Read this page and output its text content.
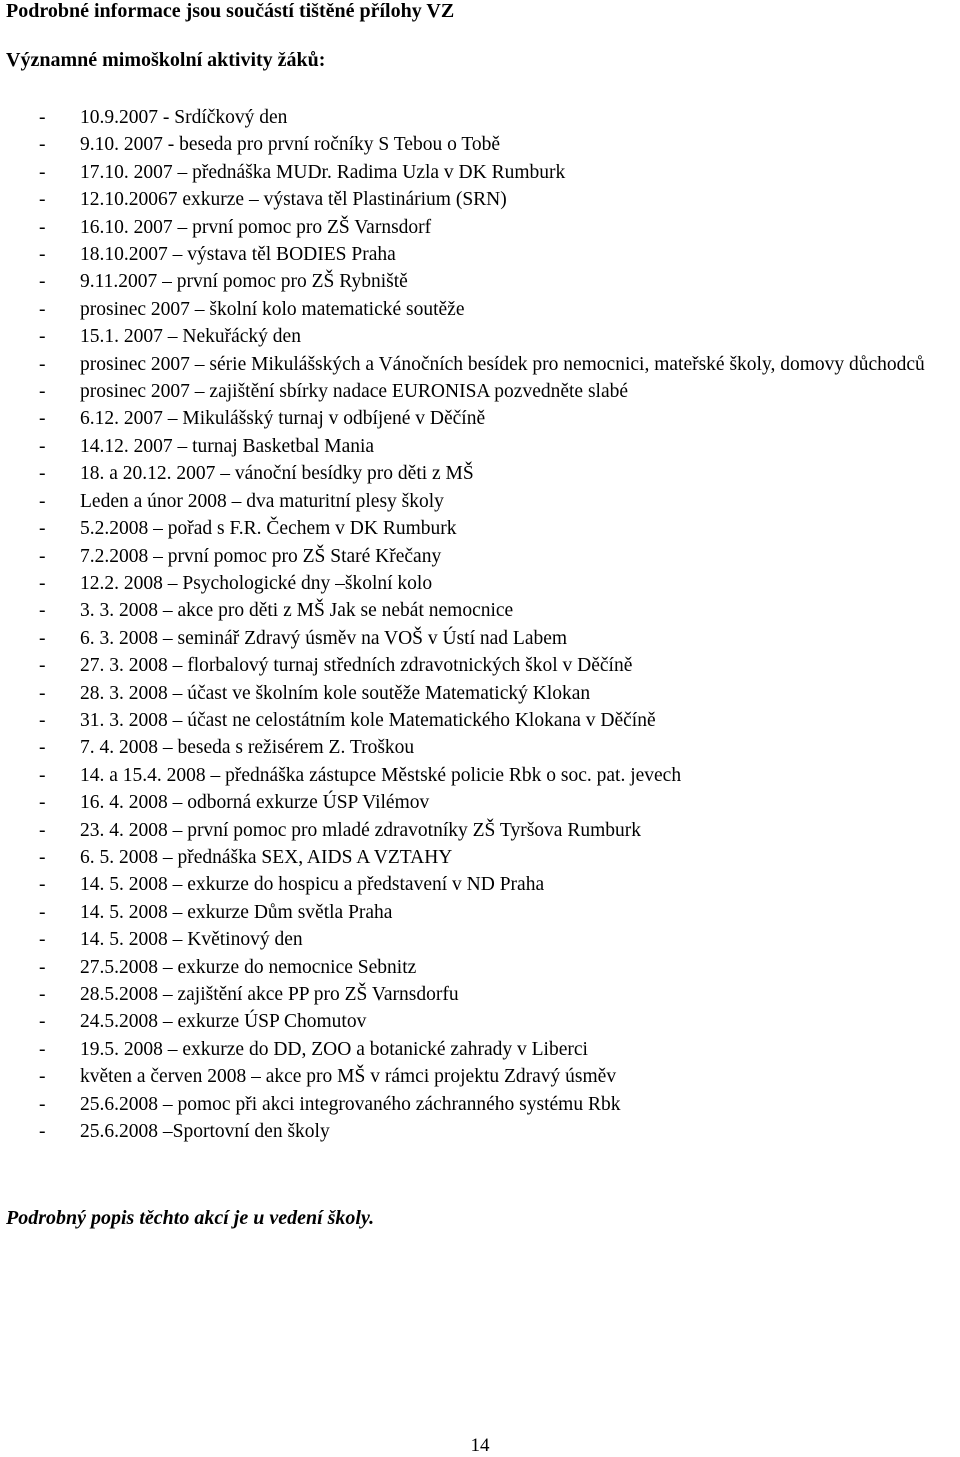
Podrobné informace jsou součástí tištěné přílohy VZ

Významné mimoškolní aktivity žáků:

- 10.9.2007 - Srdíčkový den
- 9.10. 2007 - beseda pro první ročníky S Tebou o Tobě
- 17.10. 2007 – přednáška MUDr. Radima Uzla v DK Rumburk
- 12.10.20067 exkurze – výstava těl Plastinárium (SRN)
- 16.10. 2007 – první pomoc pro ZŠ Varnsdorf
- 18.10.2007 – výstava těl BODIES Praha
- 9.11.2007 – první pomoc pro ZŠ Rybniště
- prosinec 2007 – školní kolo matematické soutěže
- 15.1. 2007 – Nekuřácký den
- prosinec 2007 – série Mikulášských a Vánočních besídek pro nemocnici, mateřské školy, domovy důchodců
- prosinec 2007 – zajištění sbírky nadace EURONISA pozvedněte slabé
- 6.12. 2007 – Mikulášský turnaj v odbíjené v Děčíně
- 14.12. 2007 – turnaj Basketbal Mania
- 18. a 20.12. 2007 – vánoční besídky pro děti z MŠ
- Leden a únor 2008 – dva maturitní plesy školy
- 5.2.2008 – pořad s F.R. Čechem v DK Rumburk
- 7.2.2008 – první pomoc pro ZŠ Staré Křečany
- 12.2. 2008 – Psychologické dny –školní kolo
- 3. 3. 2008 – akce pro děti z MŠ Jak se nebát nemocnice
- 6. 3. 2008 – seminář Zdravý úsměv na VOŠ v Ústí nad Labem
- 27. 3. 2008 – florbalový turnaj středních zdravotnických škol v Děčíně
- 28. 3. 2008 – účast ve školním kole soutěže Matematický Klokan
- 31. 3. 2008 – účast ne celostátním kole Matematického Klokana v Děčíně
- 7. 4. 2008 – beseda s režisérem Z. Troškou
- 14. a 15.4. 2008 – přednáška zástupce Městské policie Rbk o soc. pat. jevech
- 16. 4. 2008 – odborná exkurze ÚSP Vilémov
- 23. 4. 2008 – první pomoc pro mladé zdravotníky ZŠ Tyršova Rumburk
- 6. 5. 2008 – přednáška SEX, AIDS A VZTAHY
- 14. 5. 2008 – exkurze do hospicu a představení v ND Praha
- 14. 5. 2008 – exkurze Dům světla Praha
- 14. 5. 2008 – Květinový den
- 27.5.2008 – exkurze do nemocnice Sebnitz
- 28.5.2008 – zajištění akce PP pro ZŠ Varnsdorfu
- 24.5.2008 – exkurze ÚSP Chomutov
- 19.5. 2008 – exkurze do DD, ZOO a botanické zahrady v Liberci
- květen a červen 2008 – akce pro MŠ v rámci projektu Zdravý úsměv
- 25.6.2008 – pomoc při akci integrovaného záchranného systému Rbk
- 25.6.2008 –Sportovní den školy

Podrobný popis těchto akcí je u vedení školy.

14
